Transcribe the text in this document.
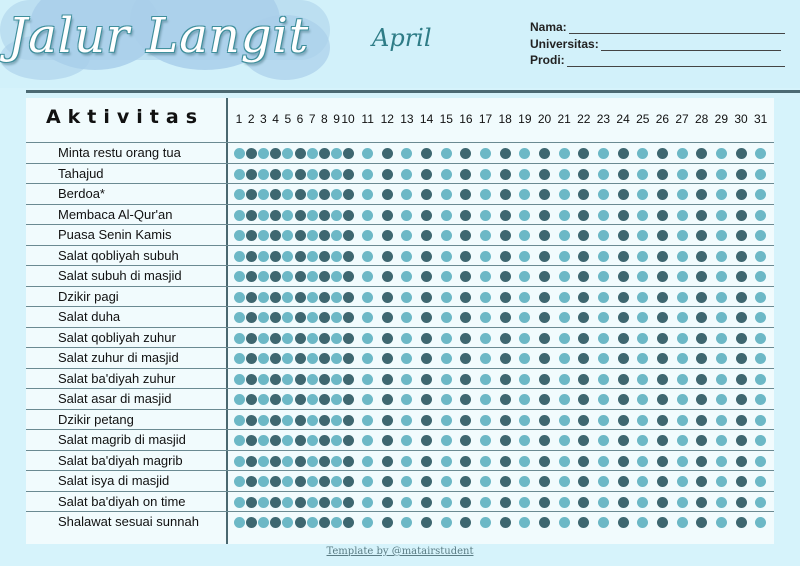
Jalur Langit	April	Nama:
Universitas:
Prodi:
Aktivitas	1 2 3 4 5 6 7 8 9 10 11 12 13 14 15 16 17 18 19 20 21 22 23 24 25 26 27 28 29 30 31
Minta restu orang tua
Tahajud
Berdoa*
Membaca Al-Qur'an
Puasa Senin Kamis
Salat qobliyah subuh
Salat subuh di masjid
Dzikir pagi
Salat duha
Salat qobliyah zuhur
Salat zuhur di masjid
Salat ba'diyah zuhur
Salat asar di masjid
Dzikir petang
Salat magrib di masjid
Salat ba'diyah magrib
Salat isya di masjid
Salat ba'diyah on time
Shalawat sesuai sunnah
Template by @matairstudent
